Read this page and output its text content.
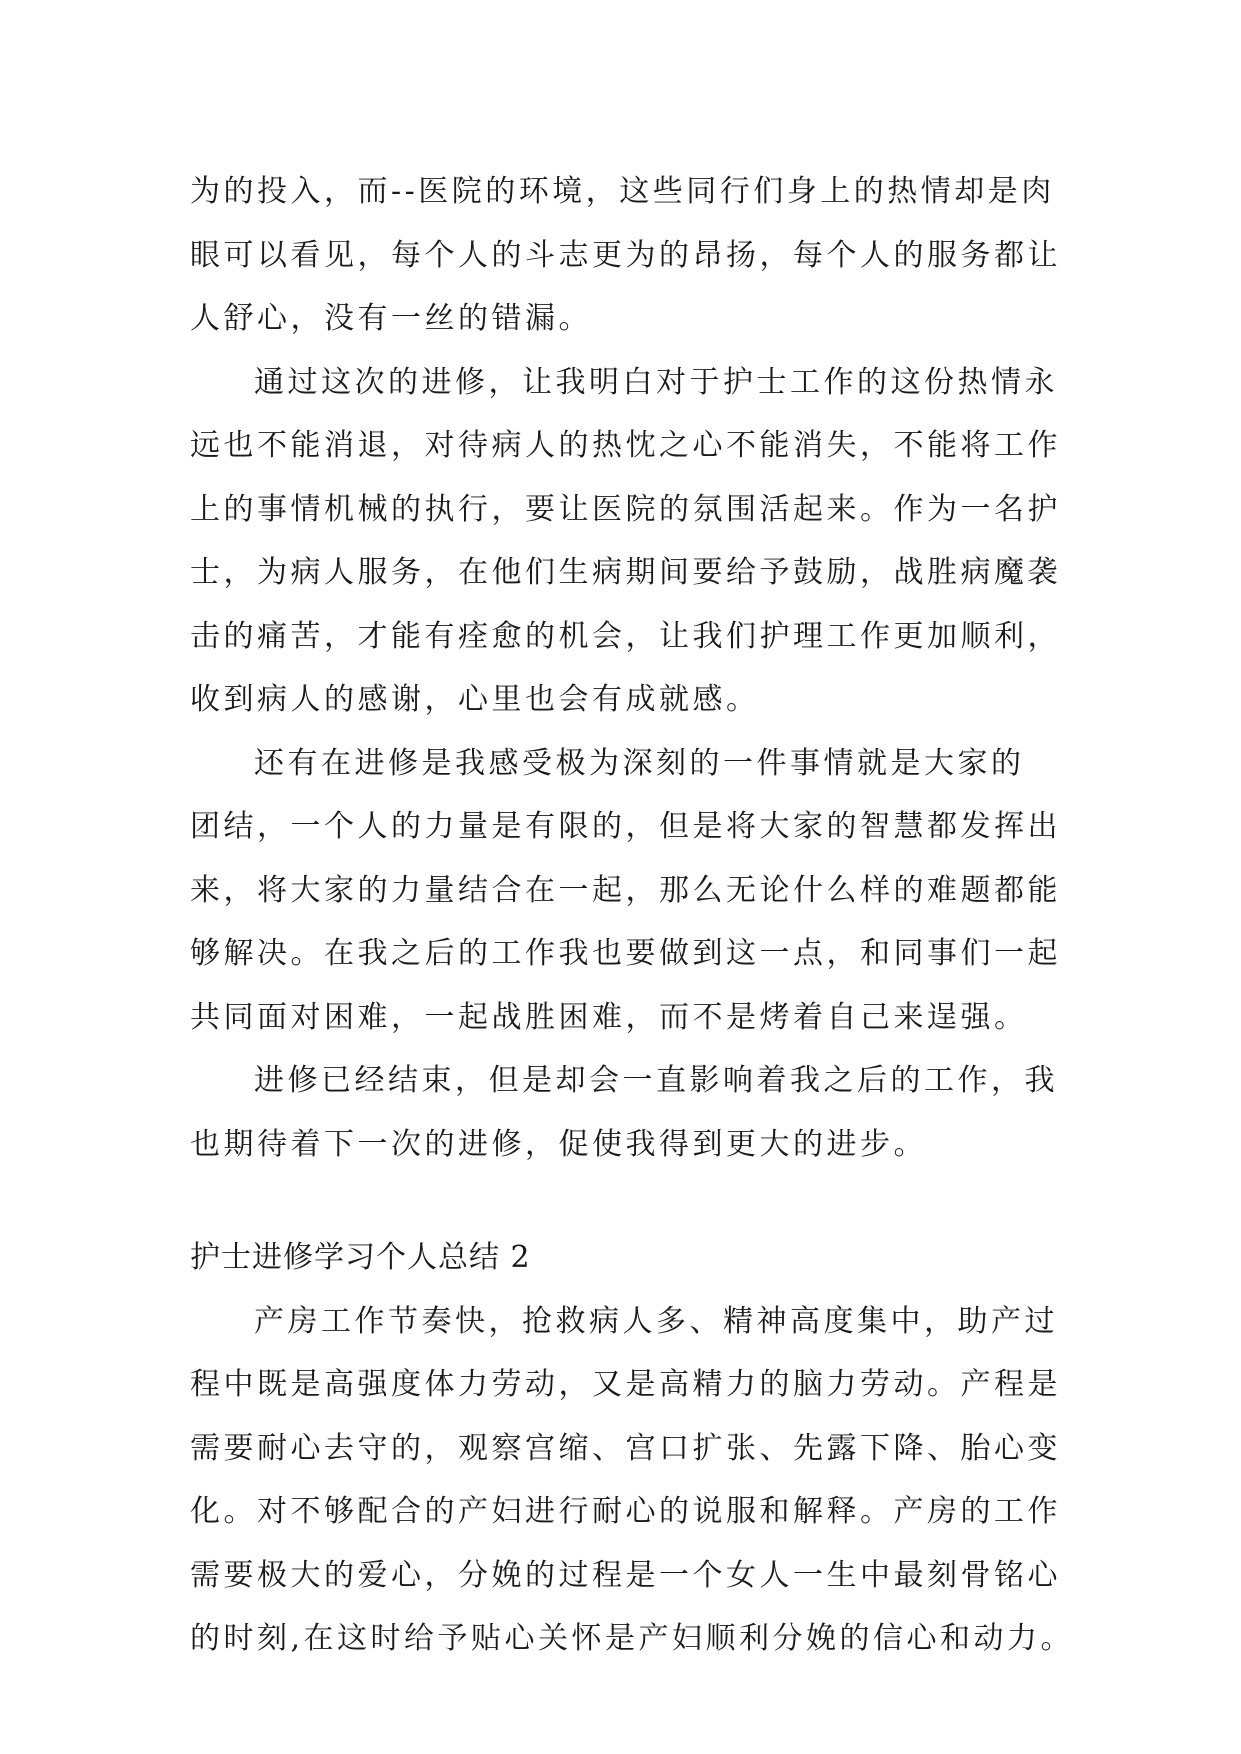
为的投入，而--医院的环境，这些同行们身上的热情却是肉
眼可以看见，每个人的斗志更为的昂扬，每个人的服务都让
人舒心，没有一丝的错漏。
通过这次的进修，让我明白对于护士工作的这份热情永
远也不能消退，对待病人的热忱之心不能消失，不能将工作
上的事情机械的执行，要让医院的氛围活起来。作为一名护
士，为病人服务，在他们生病期间要给予鼓励，战胜病魔袭
击的痛苦，才能有痊愈的机会，让我们护理工作更加顺利，
收到病人的感谢，心里也会有成就感。
还有在进修是我感受极为深刻的一件事情就是大家的
团结，一个人的力量是有限的，但是将大家的智慧都发挥出
来，将大家的力量结合在一起，那么无论什么样的难题都能
够解决。在我之后的工作我也要做到这一点，和同事们一起
共同面对困难，一起战胜困难，而不是烤着自己来逞强。
进修已经结束，但是却会一直影响着我之后的工作，我
也期待着下一次的进修，促使我得到更大的进步。
护士进修学习个人总结 2
产房工作节奏快，抢救病人多、精神高度集中，助产过
程中既是高强度体力劳动，又是高精力的脑力劳动。产程是
需要耐心去守的，观察宫缩、宫口扩张、先露下降、胎心变
化。对不够配合的产妇进行耐心的说服和解释。产房的工作
需要极大的爱心，分娩的过程是一个女人一生中最刻骨铭心
的时刻,在这时给予贴心关怀是产妇顺利分娩的信心和动力。
